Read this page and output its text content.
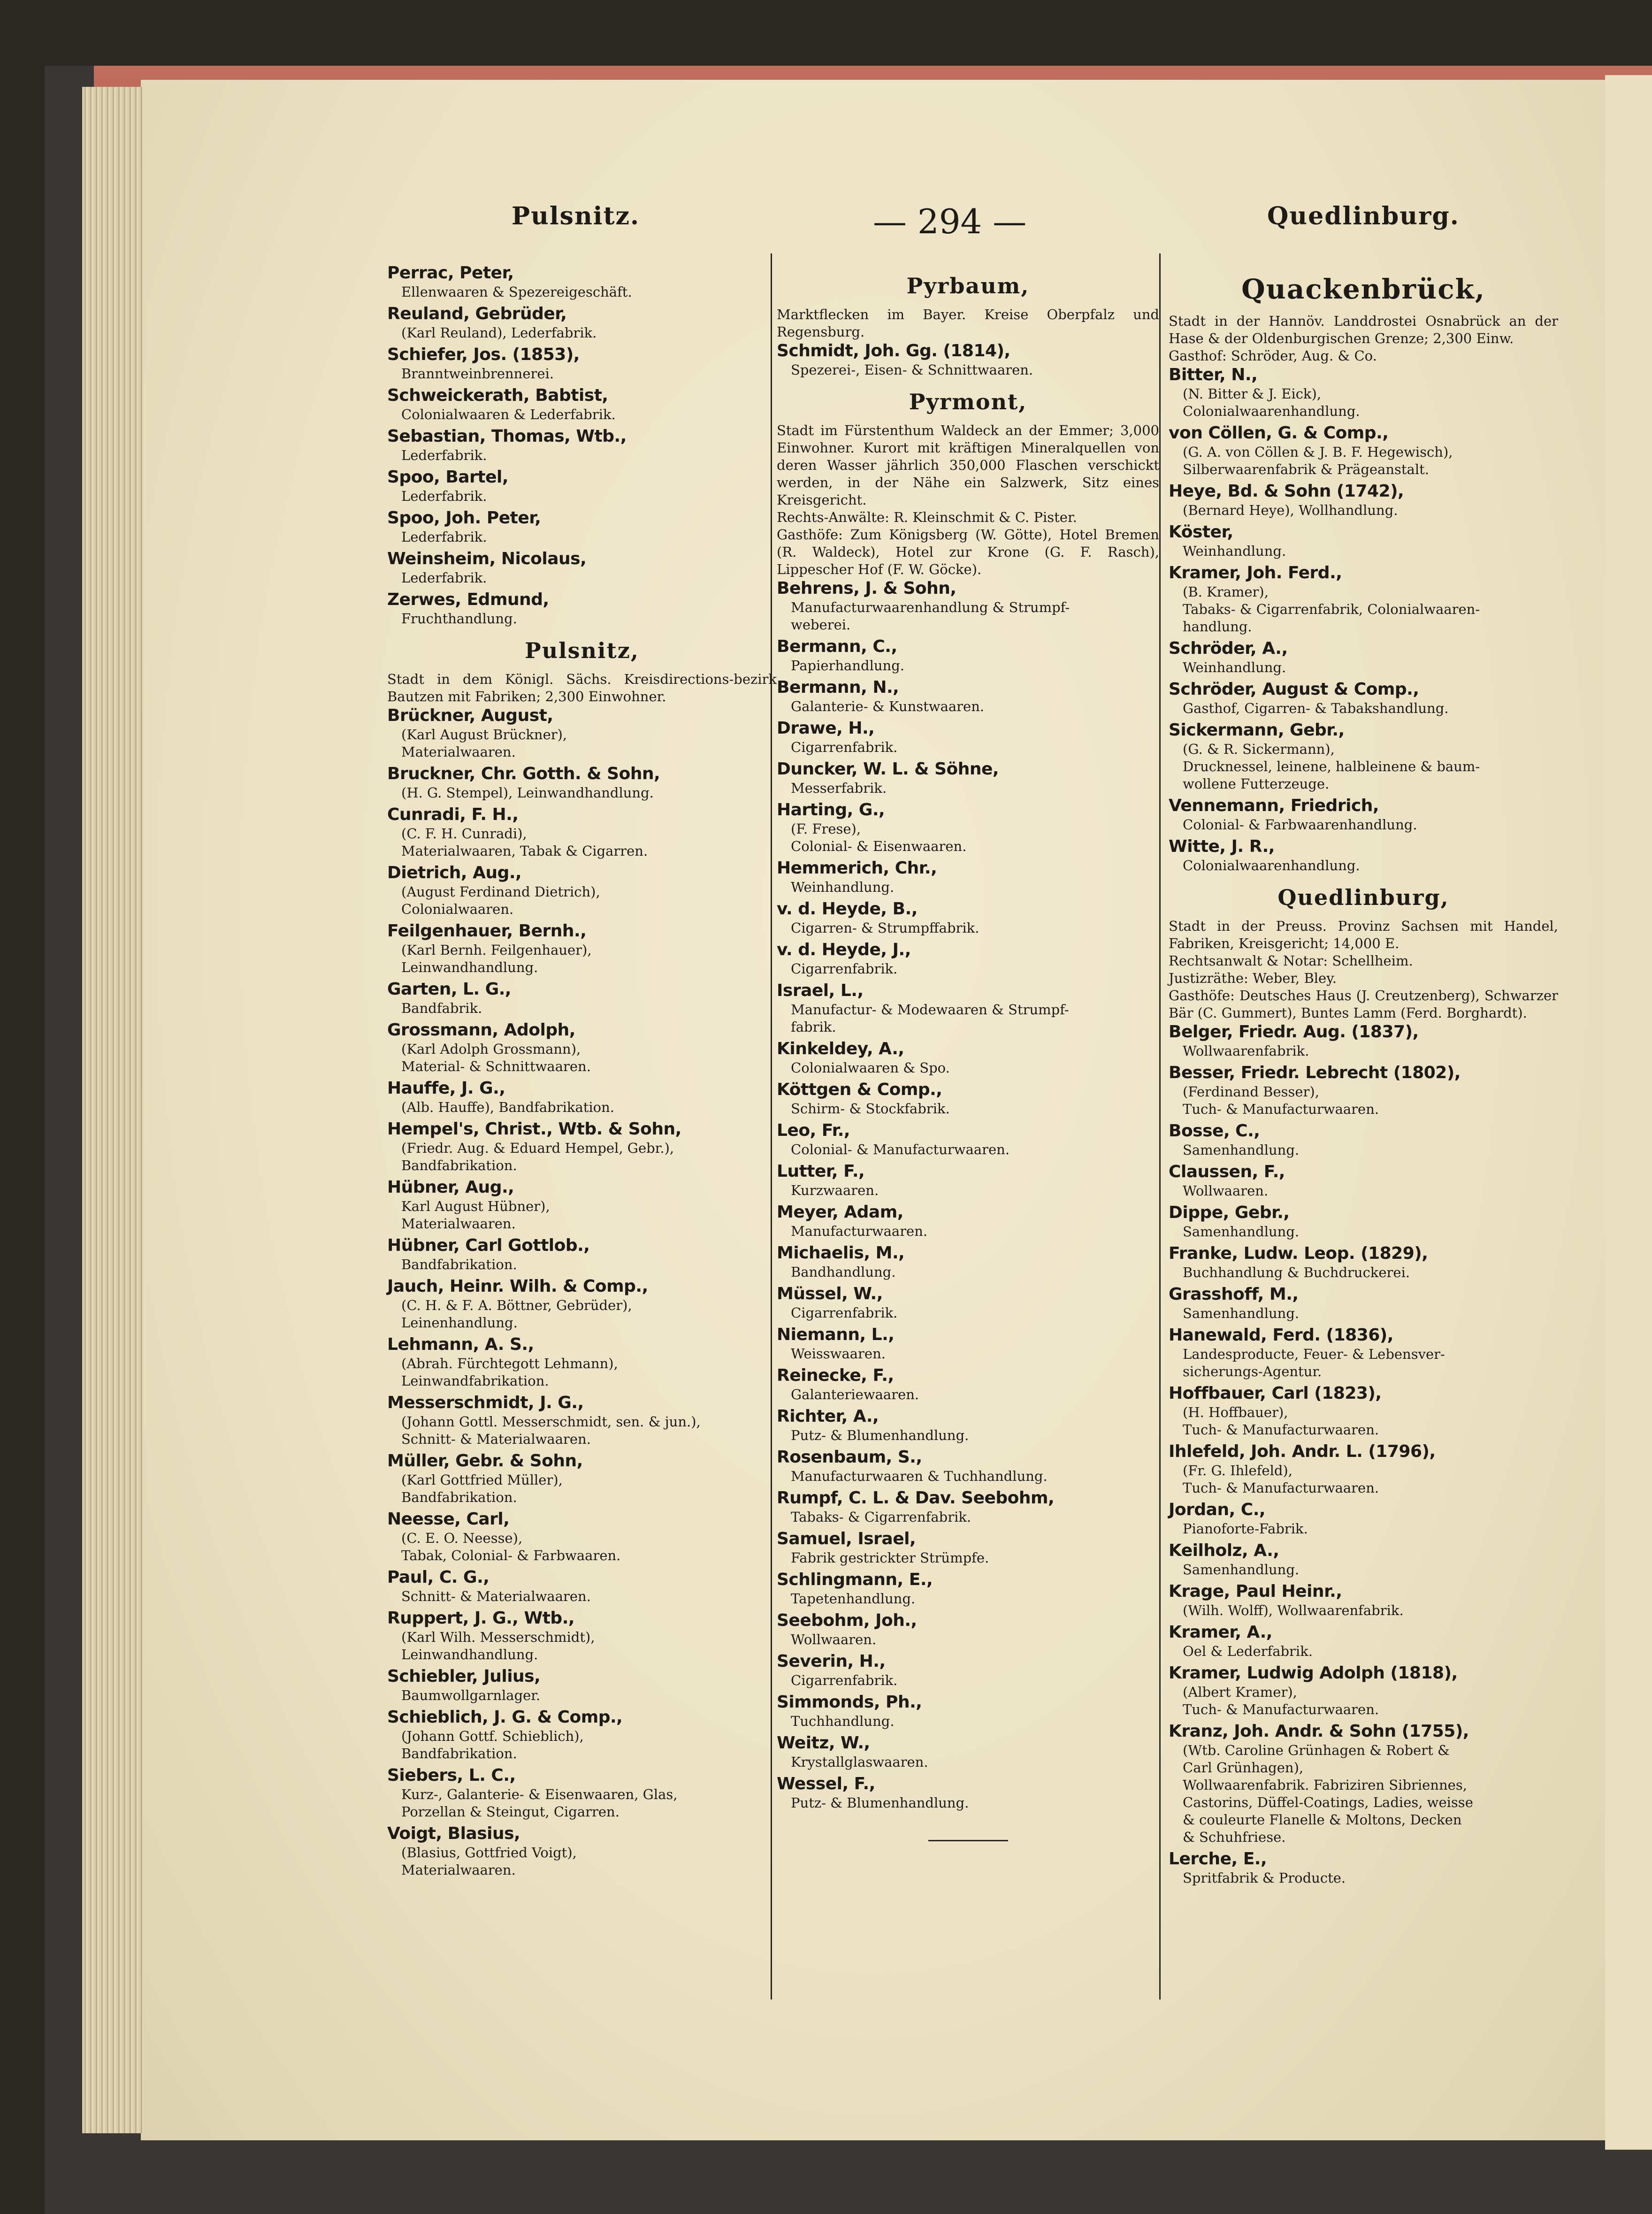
Pulsnitz.	— 294 —	Quedlinburg.
Perrac, Peter,
Ellenwaaren & Spezereigeschäft.
Reuland, Gebrüder,
(Karl Reuland), Lederfabrik.
Schiefer, Jos. (1853),
Branntweinbrennerei.
Schweickerath, Babtist,
Colonialwaaren & Lederfabrik.
Sebastian, Thomas, Wtb.,
Lederfabrik.
Spoo, Bartel,
Lederfabrik.
Spoo, Joh. Peter,
Lederfabrik.
Weinsheim, Nicolaus,
Lederfabrik.
Zerwes, Edmund,
Fruchthandlung.
Pulsnitz,
Stadt in dem Königl. Sächs. Kreisdirections-bezirk Bautzen mit Fabriken; 2,300 Einwohner.
Brückner, August,
(Karl August Brückner),
Materialwaaren.
Bruckner, Chr. Gotth. & Sohn,
(H. G. Stempel), Leinwandhandlung.
Cunradi, F. H.,
(C. F. H. Cunradi),
Materialwaaren, Tabak & Cigarren.
Dietrich, Aug.,
(August Ferdinand Dietrich),
Colonialwaaren.
Feilgenhauer, Bernh.,
(Karl Bernh. Feilgenhauer),
Leinwandhandlung.
Garten, L. G.,
Bandfabrik.
Grossmann, Adolph,
(Karl Adolph Grossmann),
Material- & Schnittwaaren.
Hauffe, J. G.,
(Alb. Hauffe), Bandfabrikation.
Hempel's, Christ., Wtb. & Sohn,
(Friedr. Aug. & Eduard Hempel, Gebr.),
Bandfabrikation.
Hübner, Aug.,
Karl August Hübner),
Materialwaaren.
Hübner, Carl Gottlob.,
Bandfabrikation.
Jauch, Heinr. Wilh. & Comp.,
(C. H. & F. A. Böttner, Gebrüder),
Leinenhandlung.
Lehmann, A. S.,
(Abrah. Fürchtegott Lehmann),
Leinwandfabrikation.
Messerschmidt, J. G.,
(Johann Gottl. Messerschmidt, sen. & jun.),
Schnitt- & Materialwaaren.
Müller, Gebr. & Sohn,
(Karl Gottfried Müller),
Bandfabrikation.
Neesse, Carl,
(C. E. O. Neesse),
Tabak, Colonial- & Farbwaaren.
Paul, C. G.,
Schnitt- & Materialwaaren.
Ruppert, J. G., Wtb.,
(Karl Wilh. Messerschmidt),
Leinwandhandlung.
Schiebler, Julius,
Baumwollgarnlager.
Schieblich, J. G. & Comp.,
(Johann Gottf. Schieblich),
Bandfabrikation.
Siebers, L. C.,
Kurz-, Galanterie- & Eisenwaaren, Glas,
Porzellan & Steingut, Cigarren.
Voigt, Blasius,
(Blasius, Gottfried Voigt),
Materialwaaren.
Pyrbaum,
Marktflecken im Bayer. Kreise Oberpfalz und Regensburg.
Schmidt, Joh. Gg. (1814),
Spezerei-, Eisen- & Schnittwaaren.
Pyrmont,
Stadt im Fürstenthum Waldeck an der Emmer; 3,000 Einwohner. Kurort mit kräftigen Mineralquellen von deren Wasser jährlich 350,000 Flaschen verschickt werden, in der Nähe ein Salzwerk, Sitz eines Kreisgericht.
Rechts-Anwälte: R. Kleinschmit & C. Pister.
Gasthöfe: Zum Königsberg (W. Götte), Hotel Bremen (R. Waldeck), Hotel zur Krone (G. F. Rasch), Lippescher Hof (F. W. Göcke).
Behrens, J. & Sohn,
Manufacturwaarenhandlung & Strumpf-
weberei.
Bermann, C.,
Papierhandlung.
Bermann, N.,
Galanterie- & Kunstwaaren.
Drawe, H.,
Cigarrenfabrik.
Duncker, W. L. & Söhne,
Messerfabrik.
Harting, G.,
(F. Frese),
Colonial- & Eisenwaaren.
Hemmerich, Chr.,
Weinhandlung.
v. d. Heyde, B.,
Cigarren- & Strumpffabrik.
v. d. Heyde, J.,
Cigarrenfabrik.
Israel, L.,
Manufactur- & Modewaaren & Strumpf-
fabrik.
Kinkeldey, A.,
Colonialwaaren & Spo.
Köttgen & Comp.,
Schirm- & Stockfabrik.
Leo, Fr.,
Colonial- & Manufacturwaaren.
Lutter, F.,
Kurzwaaren.
Meyer, Adam,
Manufacturwaaren.
Michaelis, M.,
Bandhandlung.
Müssel, W.,
Cigarrenfabrik.
Niemann, L.,
Weisswaaren.
Reinecke, F.,
Galanteriewaaren.
Richter, A.,
Putz- & Blumenhandlung.
Rosenbaum, S.,
Manufacturwaaren & Tuchhandlung.
Rumpf, C. L. & Dav. Seebohm,
Tabaks- & Cigarrenfabrik.
Samuel, Israel,
Fabrik gestrickter Strümpfe.
Schlingmann, E.,
Tapetenhandlung.
Seebohm, Joh.,
Wollwaaren.
Severin, H.,
Cigarrenfabrik.
Simmonds, Ph.,
Tuchhandlung.
Weitz, W.,
Krystallglaswaaren.
Wessel, F.,
Putz- & Blumenhandlung.
Quackenbrück,
Stadt in der Hannöv. Landdrostei Osnabrück an der Hase & der Oldenburgischen Grenze; 2,300 Einw.
Gasthof: Schröder, Aug. & Co.
Bitter, N.,
(N. Bitter & J. Eick),
Colonialwaarenhandlung.
von Cöllen, G. & Comp.,
(G. A. von Cöllen & J. B. F. Hegewisch),
Silberwaarenfabrik & Prägeanstalt.
Heye, Bd. & Sohn (1742),
(Bernard Heye), Wollhandlung.
Köster,
Weinhandlung.
Kramer, Joh. Ferd.,
(B. Kramer),
Tabaks- & Cigarrenfabrik, Colonialwaaren-
handlung.
Schröder, A.,
Weinhandlung.
Schröder, August & Comp.,
Gasthof, Cigarren- & Tabakshandlung.
Sickermann, Gebr.,
(G. & R. Sickermann),
Drucknessel, leinene, halbleinene & baum-
wollene Futterzeuge.
Vennemann, Friedrich,
Colonial- & Farbwaarenhandlung.
Witte, J. R.,
Colonialwaarenhandlung.
Quedlinburg,
Stadt in der Preuss. Provinz Sachsen mit Handel, Fabriken, Kreisgericht; 14,000 E.
Rechtsanwalt & Notar: Schellheim.
Justizräthe: Weber, Bley.
Gasthöfe: Deutsches Haus (J. Creutzenberg), Schwarzer Bär (C. Gummert), Buntes Lamm (Ferd. Borghardt).
Belger, Friedr. Aug. (1837),
Wollwaarenfabrik.
Besser, Friedr. Lebrecht (1802),
(Ferdinand Besser),
Tuch- & Manufacturwaaren.
Bosse, C.,
Samenhandlung.
Claussen, F.,
Wollwaaren.
Dippe, Gebr.,
Samenhandlung.
Franke, Ludw. Leop. (1829),
Buchhandlung & Buchdruckerei.
Grasshoff, M.,
Samenhandlung.
Hanewald, Ferd. (1836),
Landesproducte, Feuer- & Lebensver-
sicherungs-Agentur.
Hoffbauer, Carl (1823),
(H. Hoffbauer),
Tuch- & Manufacturwaaren.
Ihlefeld, Joh. Andr. L. (1796),
(Fr. G. Ihlefeld),
Tuch- & Manufacturwaaren.
Jordan, C.,
Pianoforte-Fabrik.
Keilholz, A.,
Samenhandlung.
Krage, Paul Heinr.,
(Wilh. Wolff), Wollwaarenfabrik.
Kramer, A.,
Oel & Lederfabrik.
Kramer, Ludwig Adolph (1818),
(Albert Kramer),
Tuch- & Manufacturwaaren.
Kranz, Joh. Andr. & Sohn (1755),
(Wtb. Caroline Grünhagen & Robert &
Carl Grünhagen),
Wollwaarenfabrik. Fabriziren Sibriennes,
Castorins, Düffel-Coatings, Ladies, weisse
& couleurte Flanelle & Moltons, Decken
& Schuhfriese.
Lerche, E.,
Spritfabrik & Producte.
